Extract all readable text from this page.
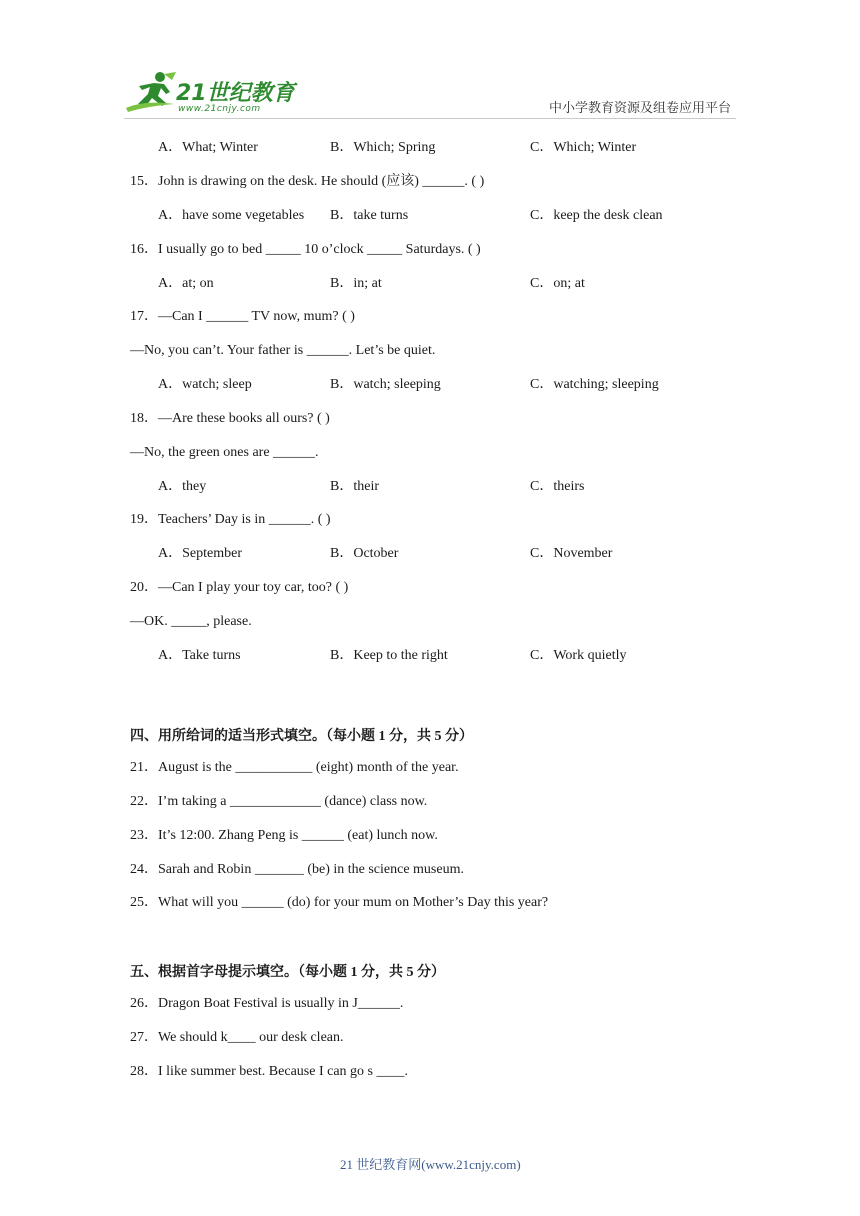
21世纪教育
www.21cnjy.com	中小学教育资源及组卷应用平台
A．What; Winter	B．Which; Spring	C．Which; Winter
15．John is drawing on the desk. He should (应该) ______. ( )
A．have some vegetables B．take turns	C．keep the desk clean
16．I usually go to bed _____ 10 o’clock _____ Saturdays. ( )
A．at; on	B．in; at	C．on; at
17．—Can I ______ TV now, mum? ( )
—No, you can’t. Your father is ______. Let’s be quiet.
A．watch; sleep	B．watch; sleeping	C．watching; sleeping
18．—Are these books all ours? ( )
—No, the green ones are ______.
A．they	B．their	C．theirs
19．Teachers’ Day is in ______. ( )
A．September	B．October	C．November
20．—Can I play your toy car, too? ( )
—OK. _____, please.
A．Take turns	B．Keep to the right	C．Work quietly
四、用所给词的适当形式填空。（每小题 1 分，共 5 分）
21．August is the ___________ (eight) month of the year.
22．I’m taking a _____________ (dance) class now.
23．It’s 12:00. Zhang Peng is ______ (eat) lunch now.
24．Sarah and Robin _______ (be) in the science museum.
25．What will you ______ (do) for your mum on Mother’s Day this year?
五、根据首字母提示填空。（每小题 1 分，共 5 分）
26．Dragon Boat Festival is usually in J______.
27．We should k____ our desk clean.
28．I like summer best. Because I can go s ____.
21 世纪教育网(www.21cnjy.com)
